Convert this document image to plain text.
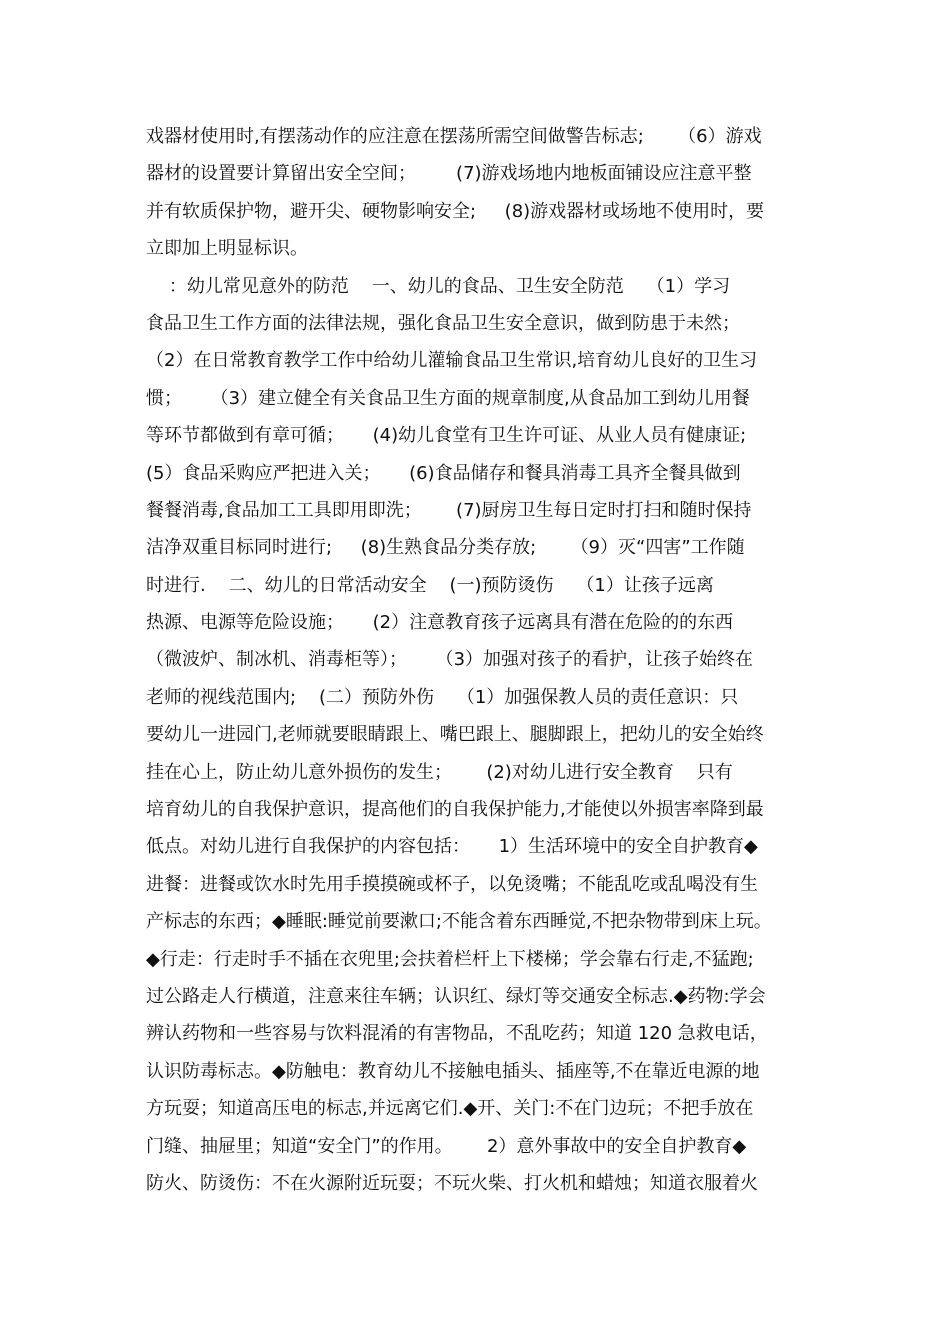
戏器材使用时,有摆荡动作的应注意在摆荡所需空间做警告标志;      （6）游戏
器材的设置要计算留出安全空间；       (7)游戏场地内地板面铺设应注意平整
并有软质保护物，避开尖、硬物影响安全;     (8)游戏器材或场地不使用时，要
立即加上明显标识。
：幼儿常见意外的防范    一、幼儿的食品、卫生安全防范    （1）学习
食品卫生工作方面的法律法规，强化食品卫生安全意识，做到防患于未然；
（2）在日常教育教学工作中给幼儿灌输食品卫生常识,培育幼儿良好的卫生习
惯；     （3）建立健全有关食品卫生方面的规章制度,从食品加工到幼儿用餐
等环节都做到有章可循；     (4)幼儿食堂有卫生许可证、从业人员有健康证;
(5）食品采购应严把进入关；     (6)食品储存和餐具消毒工具齐全餐具做到
餐餐消毒,食品加工工具即用即洗；      (7)厨房卫生每日定时打扫和随时保持
洁净双重目标同时进行;     (8)生熟食品分类存放;      （9）灭“四害”工作随
时进行.    二、幼儿的日常活动安全    (一)预防烫伤    （1）让孩子远离
热源、电源等危险设施；     (2）注意教育孩子远离具有潜在危险的的东西
（微波炉、制冰机、消毒柜等）；     （3）加强对孩子的看护，让孩子始终在
老师的视线范围内;    (二）预防外伤    （1）加强保教人员的责任意识：只
要幼儿一进园门,老师就要眼睛跟上、嘴巴跟上、腿脚跟上，把幼儿的安全始终
挂在心上，防止幼儿意外损伤的发生；      (2)对幼儿进行安全教育    只有
培育幼儿的自我保护意识，提高他们的自我保护能力,才能使以外损害率降到最
低点。对幼儿进行自我保护的内容包括：     1）生活环境中的安全自护教育◆
进餐：进餐或饮水时先用手摸摸碗或杯子，以免烫嘴；不能乱吃或乱喝没有生
产标志的东西；◆睡眠:睡觉前要漱口;不能含着东西睡觉,不把杂物带到床上玩。
◆行走：行走时手不插在衣兜里;会扶着栏杆上下楼梯；学会靠右行走,不猛跑;
过公路走人行横道，注意来往车辆；认识红、绿灯等交通安全标志.◆药物:学会
辨认药物和一些容易与饮料混淆的有害物品，不乱吃药；知道 120 急救电话，
认识防毒标志。◆防触电：教育幼儿不接触电插头、插座等,不在靠近电源的地
方玩耍；知道高压电的标志,并远离它们.◆开、关门:不在门边玩；不把手放在
门缝、抽屉里；知道“安全门”的作用。      2）意外事故中的安全自护教育◆
防火、防烫伤：不在火源附近玩耍；不玩火柴、打火机和蜡烛；知道衣服着火
